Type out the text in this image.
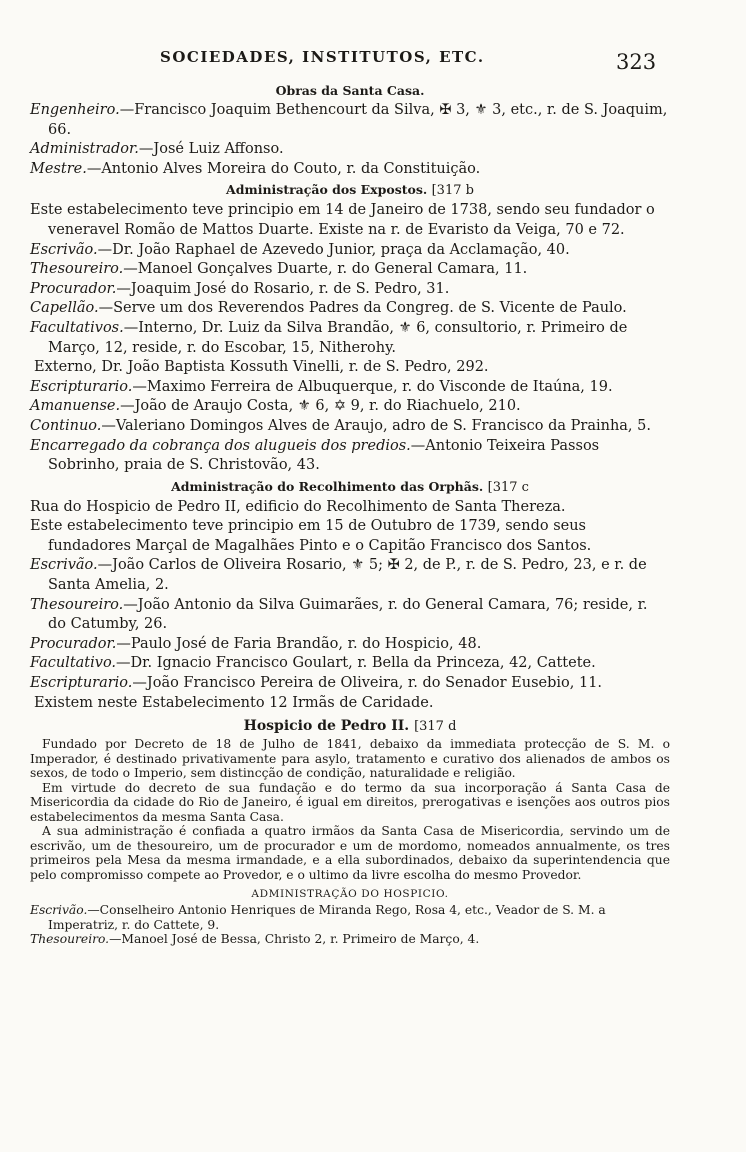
SOCIEDADES, INSTITUTOS, ETC.	323
Obras da Santa Casa.
Engenheiro.—Francisco Joaquim Bethencourt da Silva, ✠ 3, ⚜ 3, etc., r. de S. Joaquim, 66.
Administrador.—José Luiz Affonso.
Mestre.—Antonio Alves Moreira do Couto, r. da Constituição.
Administração dos Expostos. [317 b
Este estabelecimento teve principio em 14 de Janeiro de 1738, sendo seu fundador o veneravel Romão de Mattos Duarte. Existe na r. de Evaristo da Veiga, 70 e 72.
Escrivão.—Dr. João Raphael de Azevedo Junior, praça da Acclamação, 40.
Thesoureiro.—Manoel Gonçalves Duarte, r. do General Camara, 11.
Procurador.—Joaquim José do Rosario, r. de S. Pedro, 31.
Capellão.—Serve um dos Reverendos Padres da Congreg. de S. Vicente de Paulo.
Facultativos.—Interno, Dr. Luiz da Silva Brandão, ⚜ 6, consultorio, r. Primeiro de Março, 12, reside, r. do Escobar, 15, Nitherohy.
Externo, Dr. João Baptista Kossuth Vinelli, r. de S. Pedro, 292.
Escripturario.—Maximo Ferreira de Albuquerque, r. do Visconde de Itaúna, 19.
Amanuense.—João de Araujo Costa, ⚜ 6, ✡ 9, r. do Riachuelo, 210.
Continuo.—Valeriano Domingos Alves de Araujo, adro de S. Francisco da Prainha, 5.
Encarregado da cobrança dos alugueis dos predios.—Antonio Teixeira Passos Sobrinho, praia de S. Christovão, 43.
Administração do Recolhimento das Orphãs. [317 c
Rua do Hospicio de Pedro II, edificio do Recolhimento de Santa Thereza.
Este estabelecimento teve principio em 15 de Outubro de 1739, sendo seus fundadores Marçal de Magalhães Pinto e o Capitão Francisco dos Santos.
Escrivão.—João Carlos de Oliveira Rosario, ⚜ 5; ✠ 2, de P., r. de S. Pedro, 23, e r. de Santa Amelia, 2.
Thesoureiro.—João Antonio da Silva Guimarães, r. do General Camara, 76; reside, r. do Catumby, 26.
Procurador.—Paulo José de Faria Brandão, r. do Hospicio, 48.
Facultativo.—Dr. Ignacio Francisco Goulart, r. Bella da Princeza, 42, Cattete.
Escripturario.—João Francisco Pereira de Oliveira, r. do Senador Eusebio, 11.
Existem neste Estabelecimento 12 Irmãs de Caridade.
Hospicio de Pedro II. [317 d
Fundado por Decreto de 18 de Julho de 1841, debaixo da immediata protecção de S. M. o Imperador, é destinado privativamente para asylo, tratamento e curativo dos alienados de ambos os sexos, de todo o Imperio, sem distincção de condição, naturalidade e religião.
Em virtude do decreto de sua fundação e do termo da sua incorporação á Santa Casa de Misericordia da cidade do Rio de Janeiro, é igual em direitos, prerogativas e isenções aos outros pios estabelecimentos da mesma Santa Casa.
A sua administração é confiada a quatro irmãos da Santa Casa de Misericordia, servindo um de escrivão, um de thesoureiro, um de procurador e um de mordomo, nomeados annualmente, os tres primeiros pela Mesa da mesma irmandade, e a ella subordinados, debaixo da superintendencia que pelo compromisso compete ao Provedor, e o ultimo da livre escolha do mesmo Provedor.
ADMINISTRAÇÃO DO HOSPICIO.
Escrivão.—Conselheiro Antonio Henriques de Miranda Rego, Rosa 4, etc., Veador de S. M. a Imperatriz, r. do Cattete, 9.
Thesoureiro.—Manoel José de Bessa, Christo 2, r. Primeiro de Março, 4.
